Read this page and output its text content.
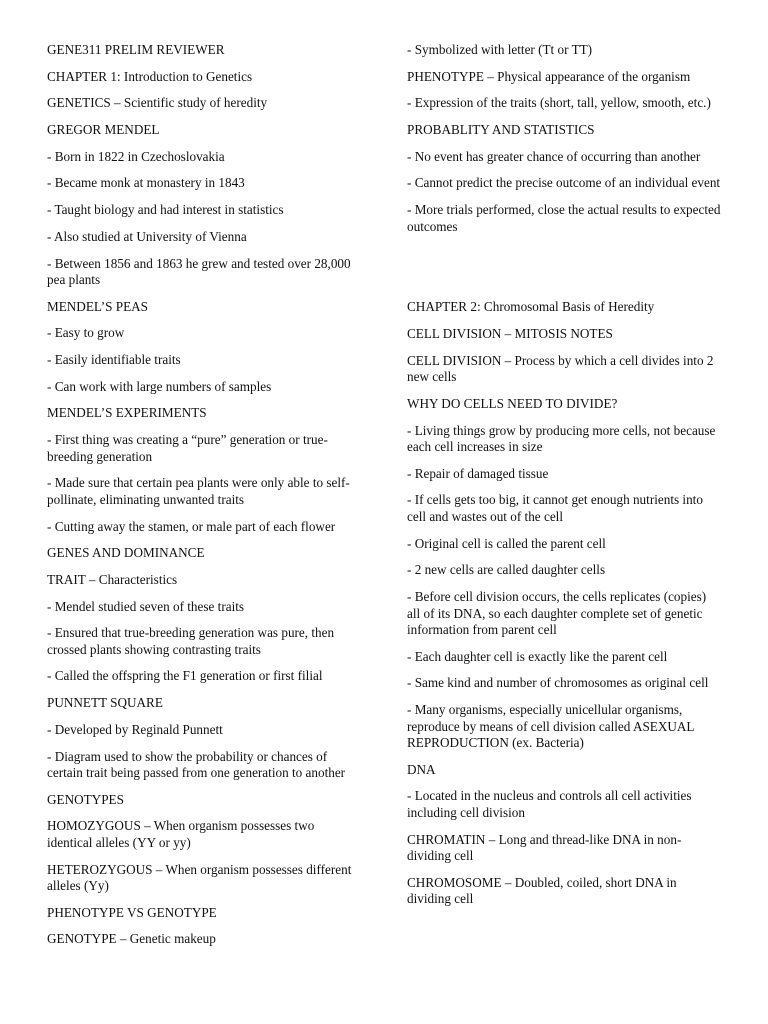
GENE311 PRELIM REVIEWER

CHAPTER 1: Introduction to Genetics

GENETICS – Scientific study of heredity

GREGOR MENDEL

- Born in 1822 in Czechoslovakia

- Became monk at monastery in 1843

- Taught biology and had interest in statistics

- Also studied at University of Vienna

- Between 1856 and 1863 he grew and tested over 28,000 pea plants

MENDEL’S PEAS

- Easy to grow

- Easily identifiable traits

- Can work with large numbers of samples

MENDEL’S EXPERIMENTS

- First thing was creating a “pure” generation or true-breeding generation

- Made sure that certain pea plants were only able to self-pollinate, eliminating unwanted traits

- Cutting away the stamen, or male part of each flower

GENES AND DOMINANCE

TRAIT – Characteristics

- Mendel studied seven of these traits

- Ensured that true-breeding generation was pure, then crossed plants showing contrasting traits

- Called the offspring the F1 generation or first filial

PUNNETT SQUARE

- Developed by Reginald Punnett

- Diagram used to show the probability or chances of certain trait being passed from one generation to another

GENOTYPES

HOMOZYGOUS – When organism possesses two identical alleles (YY or yy)

HETEROZYGOUS – When organism possesses different alleles (Yy)

PHENOTYPE VS GENOTYPE

GENOTYPE – Genetic makeup

- Symbolized with letter (Tt or TT)

PHENOTYPE – Physical appearance of the organism

- Expression of the traits (short, tall, yellow, smooth, etc.)

PROBABLITY AND STATISTICS

- No event has greater chance of occurring than another

- Cannot predict the precise outcome of an individual event

- More trials performed, close the actual results to expected outcomes

CHAPTER 2: Chromosomal Basis of Heredity

CELL DIVISION – MITOSIS NOTES

CELL DIVISION – Process by which a cell divides into 2 new cells

WHY DO CELLS NEED TO DIVIDE?

- Living things grow by producing more cells, not because each cell increases in size

- Repair of damaged tissue

- If cells gets too big, it cannot get enough nutrients into cell and wastes out of the cell

- Original cell is called the parent cell

- 2 new cells are called daughter cells

- Before cell division occurs, the cells replicates (copies) all of its DNA, so each daughter complete set of genetic information from parent cell

- Each daughter cell is exactly like the parent cell

- Same kind and number of chromosomes as original cell

- Many organisms, especially unicellular organisms, reproduce by means of cell division called ASEXUAL REPRODUCTION (ex. Bacteria)

DNA

- Located in the nucleus and controls all cell activities including cell division

CHROMATIN – Long and thread-like DNA in non-dividing cell

CHROMOSOME – Doubled, coiled, short DNA in dividing cell
